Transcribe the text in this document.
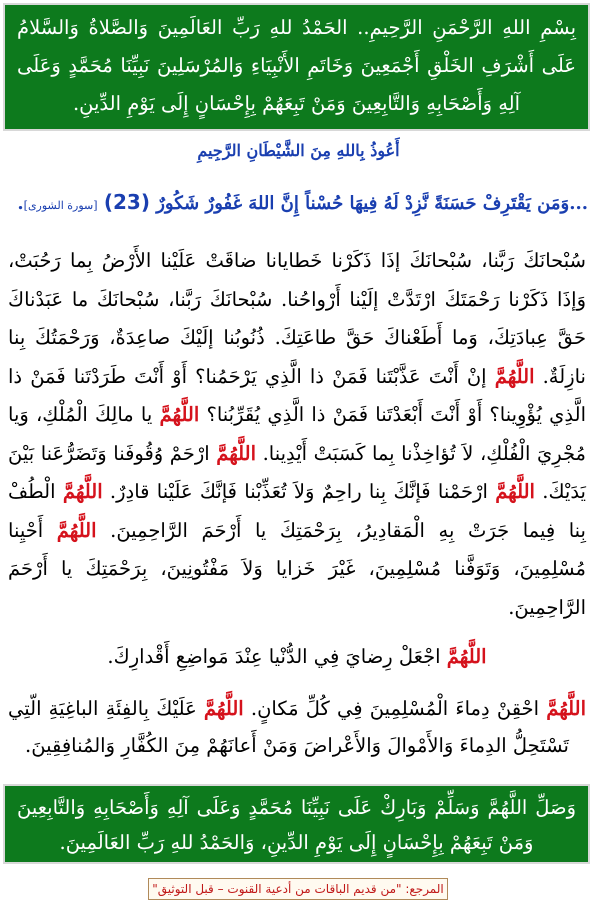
بِسْمِ اللهِ الرَّحْمَنِ الرَّحِيمِ.. الحَمْدُ للهِ رَبِّ العَالَمِينَ وَالصَّلاةُ وَالسَّلامُ عَلَى أَشْرَفِ الخَلْقِ أَجْمَعِينَ وَخَاتَمِ الأَنْبِيَاءِ وَالمُرْسَلِينَ نَبِيِّنَا مُحَمَّدٍ وَعَلَى آلِهِ وَأَصْحَابِهِ وَالتَّابِعِينَ وَمَنْ تَبِعَهُمْ بِإِحْسَانٍ إِلَى يَوْمِ الدِّينِ.
أَعُوذُ بِاللهِ مِنَ الشَّيْطَانِ الرَّجِيمِ
...وَمَن يَقْتَرِفْ حَسَنَةً نَّزِدْ لَهُ فِيهَا حُسْناً إِنَّ اللهَ غَفُورٌ شَكُورٌ (23) [سورة الشورى].
سُبْحانَكَ رَبَّنا، سُبْحانَكَ إذَا ذَكَرْنا خَطايانا ضاقَتْ عَلَيْنا الأَرْضُ بِما رَحُبَتْ، وَإذَا ذَكَرْنا رَحْمَتَكَ ارْتَدَّتْ إلَيْنا أَرْواحُنا. سُبْحانَكَ رَبَّنا، سُبْحانَكَ ما عَبَدْناكَ حَقَّ عِبادَتِكَ، وَما أَطَعْناكَ حَقَّ طاعَتِكَ. ذُنُوبُنا إلَيْكَ صاعِدَةٌ، وَرَحْمَتُكَ بِنا نازِلَةٌ. اللَّهُمَّ إنْ أَنْتَ عَذَّبْتَنا فَمَنْ ذا الَّذِي يَرْحَمُنا؟ أَوْ أَنْتَ طَرَدْتَنا فَمَنْ ذا الَّذِي يُؤْوِينا؟ أَوْ أَنْتَ أَبْعَدْتَنا فَمَنْ ذا الَّذِي يُقَرِّبُنا؟ اللَّهُمَّ يا مالِكَ الْمُلْكِ، وَيا مُجْرِيَ الْفُلْكِ، لاَ تُؤاخِذْنا بِما كَسَبَتْ أَيْدِينا. اللَّهُمَّ ارْحَمْ وُقُوفَنا وَتَضَرُّعَنا بَيْنَ يَدَيْكَ. اللَّهُمَّ ارْحَمْنا فَإنَّكَ بِنا راحِمٌ وَلاَ تُعَذِّبْنا فَإنَّكَ عَلَيْنا قادِرٌ. اللَّهُمَّ الْطُفْ بِنا فِيما جَرَتْ بِهِ الْمَقادِيرُ، بِرَحْمَتِكَ يا أَرْحَمَ الرَّاحِمِينَ. اللَّهُمَّ أَحْيِنا مُسْلِمِينَ، وَتَوَفَّنا مُسْلِمِينَ، غَيْرَ خَزايا وَلاَ مَفْتُونِينَ، بِرَحْمَتِكَ يا أَرْحَمَ الرَّاحِمِينَ.
اللَّهُمَّ اجْعَلْ رِضايَ فِي الدُّنْيا عِنْدَ مَواضِعِ أَقْدارِكَ.
اللَّهُمَّ احْقِنْ دِماءَ الْمُسْلِمِينَ فِي كُلِّ مَكانٍ. اللَّهُمَّ عَلَيْكَ بِالفِئَةِ الباغِيَةِ الّتِي تَسْتَحِلُّ الدِماءَ وَالأَمْوالَ وَالأَعْراضَ وَمَنْ أَعانَهُمْ مِنَ الكُفَّارِ وَالمُنافِقِينَ.
وَصَلِّ اللَّهُمَّ وَسَلِّمْ وَبَارِكْ عَلَى نَبِيِّنَا مُحَمَّدٍ وَعَلَى آلِهِ وَأَصْحَابِهِ وَالتَّابِعِينَ وَمَنْ تَبِعَهُمْ بِإِحْسَانٍ إِلَى يَوْمِ الدِّينِ، وَالحَمْدُ للهِ رَبِّ العَالَمِينَ.
المرجع: "من قديم الباقات من أدعية القنوت – قبل التوثيق"
